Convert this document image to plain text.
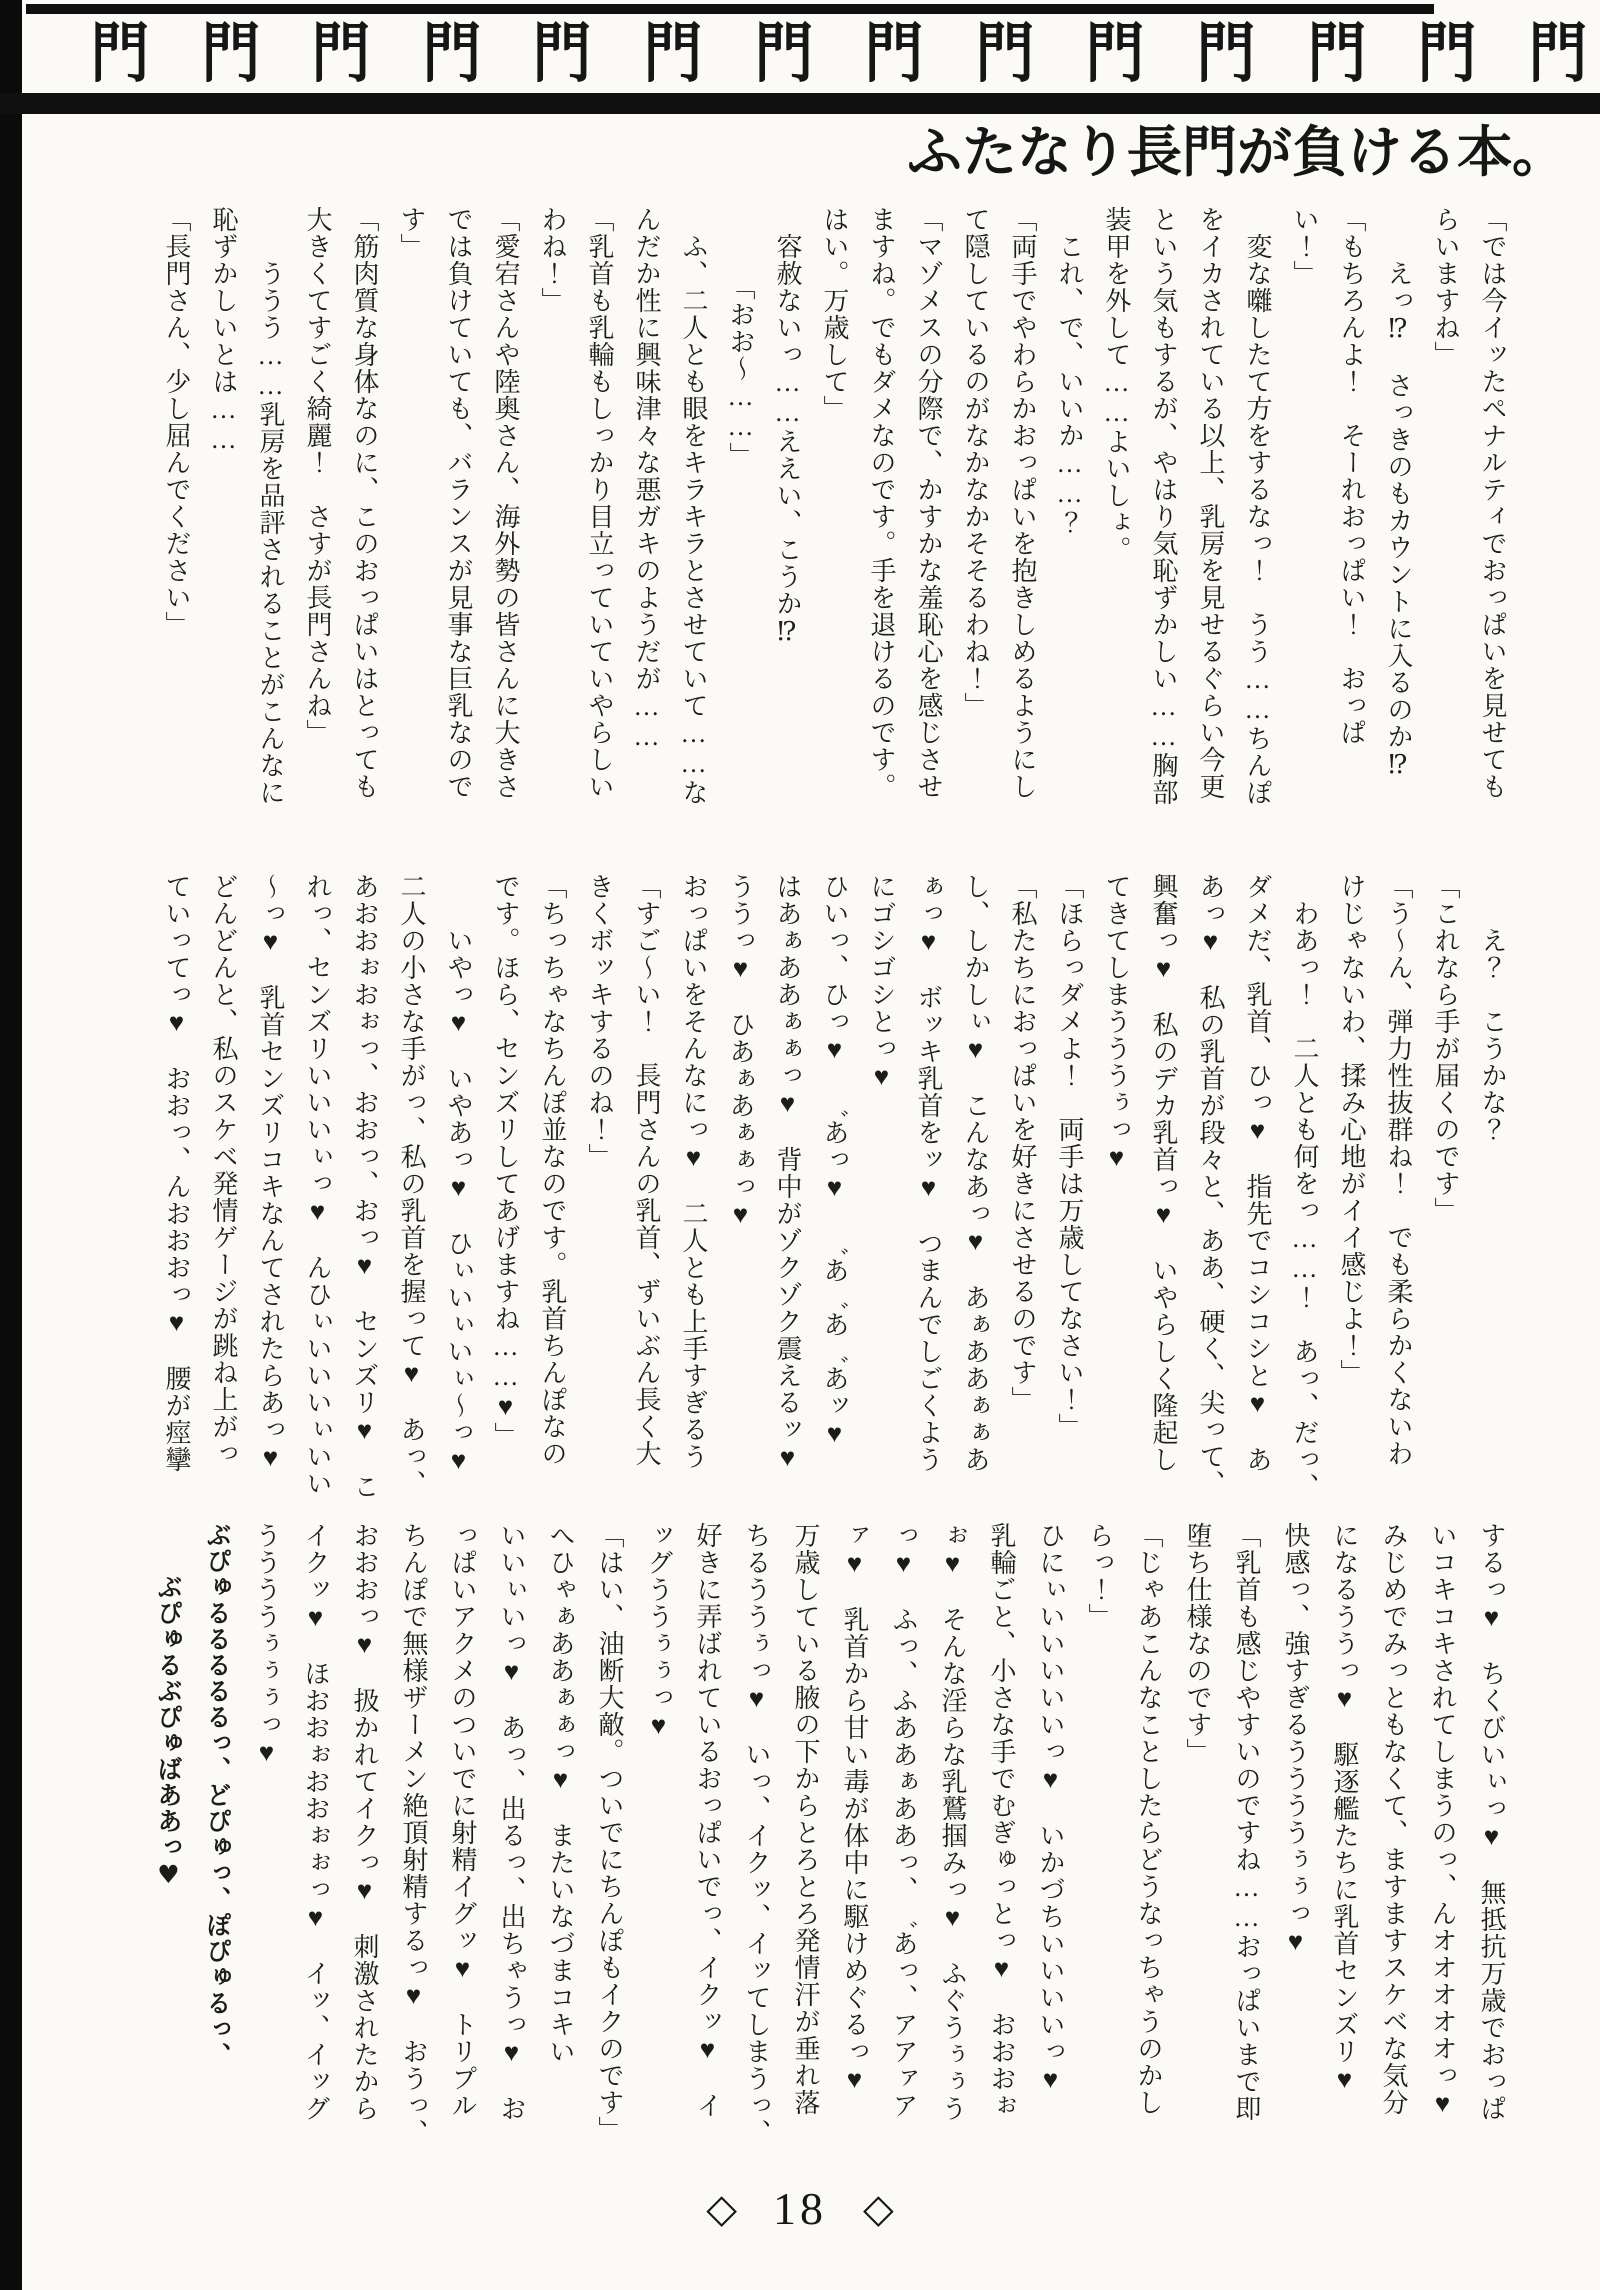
門 門 門 門 門 門 門 門 門 門 門 門 門 門
ふたなり長門が負ける本。

「では今イッたペナルティでおっぱいを見せても

らいますね」

　　えっ⁉　さっきのもカウントに入るのか⁉

「もちろんよ！　そーれおっぱい！　おっぱ

い！」

　変な囃したて方をするなっ！　うう……ちんぽ

をイカされている以上、乳房を見せるぐらい今更

という気もするが、やはり気恥ずかしい……胸部

装甲を外して……よいしょ。

　これ、で、いいか……？

「両手でやわらかおっぱいを抱きしめるようにし

て隠しているのがなかなかそそるわね！」

「マゾメスの分際で、かすかな羞恥心を感じさせ

ますね。でもダメなのです。手を退けるのです。

はい。万歳して」

　容赦ないっ……ええい、こうか⁉

　　　「おお～……」

　ふ、二人とも眼をキラキラとさせていて……な

んだか性に興味津々な悪ガキのようだが……

「乳首も乳輪もしっかり目立っていていやらしい

わね！」

「愛宕さんや陸奥さん、海外勢の皆さんに大きさ

では負けていても、バランスが見事な巨乳なので

す」

「筋肉質な身体なのに、このおっぱいはとっても

大きくてすごく綺麗！　さすが長門さんね」

　　ううう……乳房を品評されることがこんなに

恥ずかしいとは……

「長門さん、少し屈んでください」

　　え？　こうかな？

「これなら手が届くのです」

「う～ん、弾力性抜群ね！　でも柔らかくないわ

けじゃないわ、揉み心地がイイ感じよ！」

　わあっ！　二人とも何をっ……！　あっ、だっ、

ダメだ、乳首、ひっ♥　指先でコシコシと♥　あ

あっ♥　私の乳首が段々と、ああ、硬く、尖って、

興奮っ♥　私のデカ乳首っ♥　いやらしく隆起し

てきてしまうううぅっ♥

「ほらっダメよ！　両手は万歳してなさい！」

「私たちにおっぱいを好きにさせるのです」

し、しかしぃ♥　こんなあっ♥　あぁああぁぁあ

ぁっ♥　ボッキ乳首をッ♥　つまんでしごくよう

にゴシゴシとっ♥

ひいっ、ひっ♥　゛あっ♥　゛あ゛あ゛あッ♥

はあぁああぁぁっ♥　背中がゾクゾク震えるッ♥

ううっ♥　ひあぁあぁぁっ♥

おっぱいをそんなにっ♥　二人とも上手すぎるう

「すご～い！　長門さんの乳首、ずいぶん長く大

きくボッキするのね！」

「ちっちゃなちんぽ並なのです。乳首ちんぽなの

です。ほら、センズリしてあげますね……♥」

　　いやっ♥　いやあっ♥　ひぃいぃいぃ～っ♥

二人の小さな手がっ、私の乳首を握って♥　あっ、

あおおぉおぉっ、おおっ、おっ♥　センズリ♥　こ

れっ、センズリいいいぃっ♥　んひぃいいいぃいい

～っ♥　乳首センズリコキなんてされたらあっ♥

どんどんと、私のスケベ発情ゲージが跳ね上がっ

ていってっ♥　おおっ、んおおおっ♥　腰が痙攣

するっ♥　ちくびいぃっ♥　無抵抗万歳でおっぱ

いコキコキされてしまうのっ、んオオオオオっ♥

みじめでみっともなくて、ますますスケベな気分

になるううっ♥　駆逐艦たちに乳首センズリ♥

快感っ、強すぎるううううぅぅっ♥

「乳首も感じやすいのですね……おっぱいまで即

堕ち仕様なのです」

「じゃあこんなことしたらどうなっちゃうのかし

らっ！」

ひにぃいいいいいっ♥　いかづちいいいいっ♥

乳輪ごと、小さな手でむぎゅっとっ♥　おおおぉ

ぉ♥　そんな淫らな乳鷲掴みっ♥　ふぐうぅぅう

っ♥　ふっ、ふああぁああっ、゛あっ、アアァア

ァ♥　乳首から甘い毒が体中に駆けめぐるっ♥

万歳している腋の下からとろとろ発情汗が垂れ落

ちるううぅっ♥　いっ、イクッ、イッてしまうっ、

好きに弄ばれているおっぱいでっ、イクッ♥　イ

ッグううぅぅっ♥

「はい、油断大敵。ついでにちんぽもイクのです」

へひゃぁああぁぁっ♥　またいなづまコキい

いいぃいっ♥　あっ、出るっ、出ちゃうっ♥　お

っぱいアクメのついでに射精イグッ♥　トリプル

ちんぽで無様ザーメン絶頂射精するっ♥　おうっ、

おおおっ♥　扱かれてイクっ♥　刺激されたから

イクッ♥　ほおおぉおおぉぉっ♥　イッ、イッグ

ううううぅぅぅっ♥

ぶぴゅるるるるるっ、どぴゅっ、ぽぴゅるっ、

　　ぶぴゅるぶぴゅばああっ♥

◇ 18 ◇
